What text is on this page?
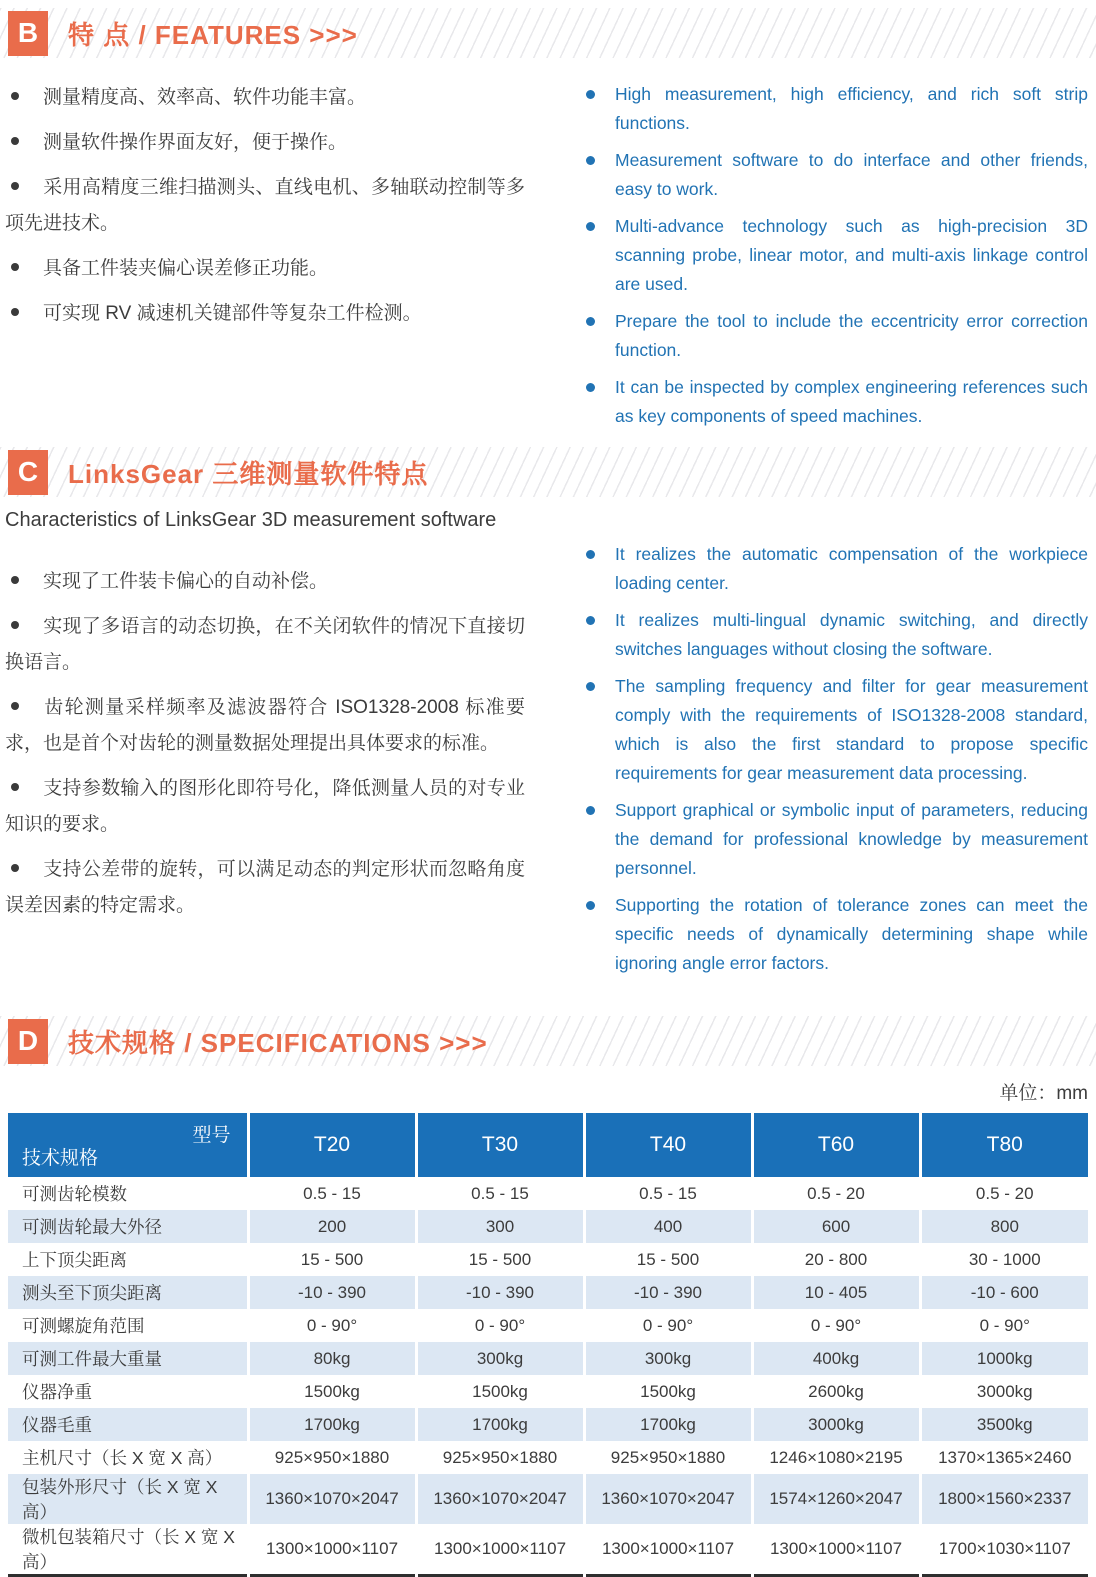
B	特 点 / FEATURES >>>
测量精度高、效率高、软件功能丰富。
测量软件操作界面友好，便于操作。
采用高精度三维扫描测头、直线电机、多轴联动控制等多项先进技术。
具备工件装夹偏心误差修正功能。
可实现 RV 减速机关键部件等复杂工件检测。
High measurement, high efficiency, and rich soft strip functions.
Measurement software to do interface and other friends, easy to work.
Multi-advance technology such as high-precision 3D scanning probe, linear motor, and multi-axis linkage control are used.
Prepare the tool to include the eccentricity error correction function.
It can be inspected by complex engineering references such as key components of speed machines.
C	LinksGear 三维测量软件特点

Characteristics of LinksGear 3D measurement software

实现了工件装卡偏心的自动补偿。
实现了多语言的动态切换，在不关闭软件的情况下直接切换语言。
齿轮测量采样频率及滤波器符合 ISO1328-2008 标准要求，也是首个对齿轮的测量数据处理提出具体要求的标准。
支持参数输入的图形化即符号化，降低测量人员的对专业知识的要求。
支持公差带的旋转，可以满足动态的判定形状而忽略角度误差因素的特定需求。
It realizes the automatic compensation of the workpiece loading center.
It realizes multi-lingual dynamic switching, and directly switches languages without closing the software.
The sampling frequency and filter for gear measurement comply with the requirements of ISO1328-2008 standard, which is also the first standard to propose specific requirements for gear measurement data processing.
Support graphical or symbolic input of parameters, reducing the demand for professional knowledge by measurement personnel.
Supporting the rotation of tolerance zones can meet the specific needs of dynamically determining shape while ignoring angle error factors.
D	技术规格 / SPECIFICATIONS >>>
单位：mm
型号
技术规格	T20	T30	T40	T60	T80
可测齿轮模数	0.5 - 15	0.5 - 15	0.5 - 15	0.5 - 20	0.5 - 20
可测齿轮最大外径	200	300	400	600	800
上下顶尖距离	15 - 500	15 - 500	15 - 500	20 - 800	30 - 1000
测头至下顶尖距离	-10 - 390	-10 - 390	-10 - 390	10 - 405	-10 - 600
可测螺旋角范围	0 - 90°	0 - 90°	0 - 90°	0 - 90°	0 - 90°
可测工件最大重量	80kg	300kg	300kg	400kg	1000kg
仪器净重	1500kg	1500kg	1500kg	2600kg	3000kg
仪器毛重	1700kg	1700kg	1700kg	3000kg	3500kg
主机尺寸（长 X 宽 X 高）	925×950×1880	925×950×1880	925×950×1880	1246×1080×2195	1370×1365×2460
包装外形尺寸（长 X 宽 X 高）	1360×1070×2047	1360×1070×2047	1360×1070×2047	1574×1260×2047	1800×1560×2337
微机包装箱尺寸（长 X 宽 X 高）	1300×1000×1107	1300×1000×1107	1300×1000×1107	1300×1000×1107	1700×1030×1107
